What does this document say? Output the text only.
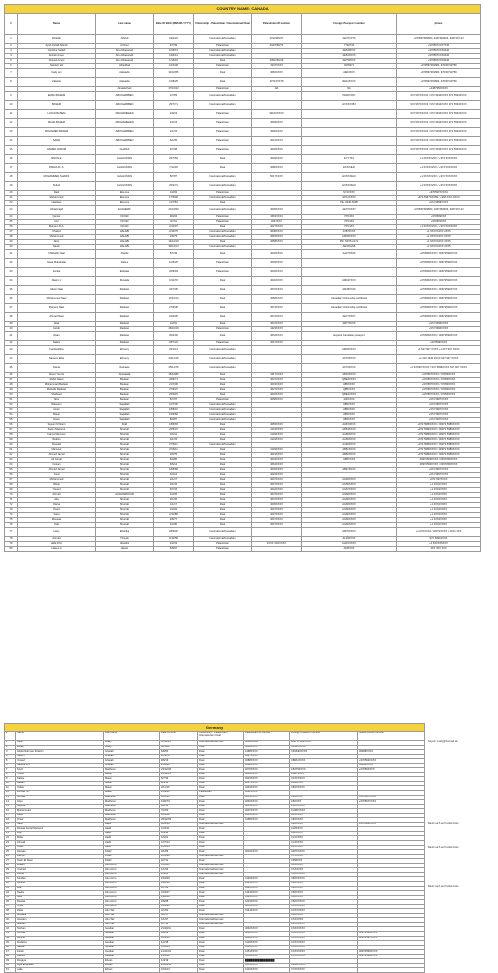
COUNTRY NAME: CANADA							
#	Name	Last name	Date Of Birth (MM-DD-YYYY)	Citizenship - Palestinian / International/ Dual	Palestinian ID number	Foreign Passport number	phone
1	Weefah	Alhindi	19/4/22	International/Canadian	4012345/27	AE7XXX76	+970597483684, 4367484463, 4367470-43
2	Ayah Kufaili Alhindi	Al Nour	4/7/99	Palestinian	4047083/74	Y762740	+970597XXX7745
3	Caroline Sallah	Abu Alhasanah	10/5/13	International/Canadian		AE530XXX	+970597XXX0446
4	Zeineb Amen	Abu Alhasanah	19/6/14	International/Canadian		AE53XXXX	+970597XXX0446
5	Ahmed Amen	Abu Alhasanah	1/10/16	Dual	4094746/16	AE750XXX	+970597XXX0446
6	Nasrieh aili	Alhaddad	10/1/48	Palestinian	4047XXX4	4978471	+970597463684, 97036743759
7	Fady am	Alawadis	31/10/55	Dual	4066XXXX	AE03XXX	+970597463684, 97036743759
8	Zakaria	Alawadis	10/8/25	Dual	4071XXX78	RE11XXXX	+970597463684, 97036743759
		Abualazhari	27/10/22	Palestinian	NA	NA	+4487350XXXX
9	EMAN BASEM	ABUSHABBEN	1/7/83	International/Canadian		PE0XXX07	972 597XXXX4 / 972 5944XXXX 972 5594XXXX
10	BASEM	ABUSHABBEN	25/7/71	International/Canadian		HXXXXX83	972 597XXXX4 / 972 5944XXXX 972 5594XXXX
11	LAYAN BASEM	ABUHAMEEEN	2/9/13	Palestinian	4016XXXXX		972 597XXXX4 / 972 5944XXXX 972 5594XXXX
12	MAHA BASEM	ABUHAMEEEN	1/3/13	Palestinian	4099XXXX		972 597XXXX4 / 972 5944XXXX 972 5594XXXX
13	MOHAMED BASEM	ABUSHABBEN	2/1/15	Palestinian	4090XXXX		972 597XXXX4 / 972 5944XXXX 972 5594XXXX
14	SAMA	ABUSHABBEN	6/1/55	Palestinian	4041XXXX		972 597XXXX4 / 972 5944XXXX 972 5594XXXX
15	HAMED AKRAM	GHAIAS	3/7/98	Palestinian	4046XXXX		972 597XXXX4 / 972 5944XXXX 972 5594XXXX
16	SINAN E.	ALGHUSSIN	26/7/84	Dual	4049XXXX	EYYT24	+1 6XXXX2XX / +972 5XXX0XX
17	RISHIA M. S.	ALGHUSSIN	7/11/18	Dual	4086XXXX	EXXX4H0	+1 6XXXX2XX / +972 5XXX0XX
18	MOHAMMED SHARIF	ALGHUSSIN	8/7/87	International/Canadian	5017XXXX	EXXXX4H0	+1 6XXXX2XX / +972 5XXX0XX
19	SUHA	ALGHUSSIN	26/2/74	International/Canadian		EXXXX4H0	+1 6XXXX2XX / +972 5XXX0XX
20	Radi	Elsunne	1/2/62	Palestinian		SY4XXXX	+970597XXXX4
21	Mohammed	Elsunne	17/5/90	International/Canadian		GP12XXXX	+972-5967XXX89 / +968-XXX-XXXX
22	Haeiban	Elsunne	11/7/54	Dual		PE- 0030-5298	+972 5956XXXX
23	Abdelmajid	ELSHERIF	21/10/50	International/Canadian	4035XXXX	AE7XXXX7	+970597483684, 4367484463, 4367470-43
24	Qamar	FAYAD	9/4/04	Palestinian	4063XXX4	YPX4XX	+970599XXX
25	Amr	FAYAD	4/7/11	Palestinian	4047XXX	YPX4XX	+970591XXX
26	Maryam R.A.	FAYAD	2/12/97	Dual	4027XXXX	YPX4XX	+1 6XXXX2XX / +972 5XXX0XX
27	Khaled	HALABI	2/10/75	International/Canadian	4038XXXX	AT876XXX	+1 6XXXX2XX 2XX5
28	Mohammed	HALABI	1/8/73	International/Canadian	4063XXXX	AM05XXXX	+1 6XXXX2XX 2XX5
29	Noor	HALABI	14/12/10	Dual	4058XXXX	PR- 5XX5-2171	+1 6XXXX2XX 2XX5
30	Nawin	HALABI	30/12/14	International/Canadian		AE4XX206	+1 6XXXX2XX 2XX5
31	Childudio Nael	Alaslai	5/7/49	Dual	4032XXXX	AA27XXX5	+970599XXXX / 00972599XXXX
32	Nasa Mubahalai	Dabus	10/6/25	Palestinian	4045XXXX		+970599XXXX / 00972599XXXX
33	Ismika	Eltellawi	26/6/93	Palestinian	4045XXXX		+970599XXXX / 00972599XXXX
34	Neeim J	Mustafa	6/11/79	Dual	4040XXXX	AM047XXX	+970599XXXX / 00972599XXXX
35	Adam Nael	Radwan	26/7/05	Dual	4070XXXX	AM45XX16	+970599XXXX / 00972599XXXX
36	Mohammed Nael	Radwan	17/10/13	Dual	4068XXXX	Canadian Citizenship certificate	+970599XXXX / 00972599XXXX
37	Maryam Nael	Radwan	27/9/08	Dual	4074XXXX	Canadian Citizenship certificate	+970599XXXX / 00972599XXXX
38	Ahmed Nael	Radwan	22/4/05	Dual	4072XXXX	AE77XXX7	+970599XXXX / 00972599XXXX
39	Alaa	Radwan	1/2/91	Dual	4047XXXX	AB773XXX	+972 5994XXXX
40	Jacob	Radwan	26/10/19	Palestinian	4423XXXX		+972 5994XXXX
41	Naan	Radwan	30/4/06	Dual	4054XXXX	Expired Canadian passport	+970599XXXX / 00972599XXXX
42	Salam	Radwan	28/7/22	Palestinian	4047XXXX		+970599XXXX
43	Farida Ebba	Ettroury	25/1/14	International/Canadian		AM46XXXX	+1 647 907 XXXX +1 647 907 XXXX
44	Nareem Elba	Ettroury	20/11/15	International/Canadian		AK76XXXX	+1 416 1640 2XXX 647 907 XXXX
45	Rania	Nasrawe	25/11/79	International/Canadian		AK76XXXX	+1 647907XXXX / 972 5998XXXX 647 907 XXXX
46	Abeer Younis	Abusaada	15/10/80	Dual	4017XXX4	AB34XXXX	+970597XXXX / 97059XXXX
47	Abdel Naser	Bedean	26/6/71	Dual	4027XXXX	QBE4XXXX	+970597XXXX / 97059XXXX
48	Mohammad Bedean	Bedean	21/7/06	Dual	4019XXXX	AB5XXXX	+970597XXXX / 97059XXXX
49	Mustafa Radwan	Bedean	27/6/07	Dual	4027XXXX	QB5XXXX	+970597XXXX / 97059XXXX
50	Shaheed	Bedean	26/2/15	Dual	4032XXXX	QBE4XXXX	+970597XXXX / 97059XXXX
51	Noor	Bedean	6/7/07	Palestinian	4068XXXX	400XXX4	+972 5967XXXX
52	Waseem	Saqallah	10/7/06	International/Canadian		AB5XXXX	+972 5967XXXX
53	Amen	Saqallah	18/8/10	International/Canadian		AB5XXXX	+972 5967XXXX
54	Basel	Saqallah	16/6/82	International/Canadian		AB5XXXX	+972 5967XXXX
55	Dana	Saqallah	8/3/87	International/Canadian		AB5XXXX	+972 5967XXXX
56	Sujeen M Naim	Kidd	18/5/65	Dual	4065XXXX	ALBX0XXX	+972 5986XXXX / 00972 5986XXXX
57	Karim Mansour	Shurrab	26/5/07	Dual	4143XXXX	AR53XXXX	+972 5986XXXX / 00972 5986XXXX
58	Fatma Mansour	Shurrab	2/4/12	Dual	4149XXXX	AA96XXXX	+972 5986XXXX / 00972 5986XXXX
59	Ibrahim	Shurrab	4/1/15	Dual	4134XXXX	AA59XXXX	+972 5986XXXX / 00972 5986XXXX
60	Rowaid	Shurrab	27/6/11	International/Canadian		AA96XXXX	+972 5986XXXX / 00972 5986XXXX
61	Mansour	Shurrab	27/6/11	Dual	4149XXXX	AB51XXXX	+972 5986XXXX / 00972 5986XXXX
62	Ahmed Jamal	Shurrab	2/9/75	Dual	4019XXXX	AB52XXXX	+972 5986XXXX / 00972 5986XXXX
63	Ali Jamal	Shurrab	6/4/86	Dual	4043XXXX	GB5XXXX	00972569XXXX / 0097059XXXX
64	Celeen	Shurrab	6/6/14	Dual	4064XXXX		00972569XXXX / 0097059XXXX
65	Ahmad Jamal	Shurrab	18/5/80	Dual	4045XXXX	AB47XXXX	+972 5967XXXX
66	Jood	Shurrab	4/3/14	Dual	4022XXXX		+972 5967XXXX
67	Mohammed	Shurrab	2/1/17	Dual	4047XXXX	AG65XXXX	+972 597XXXX
68	Warjo	Shurrab	2/1/15	Dual	4047XXXX	AG56XXXX	+1 4XX2XXXX
69	Yousef	Shurrab	6/7/15	Dual	4042XXXX	AG67XXXX	+1 4XX2XXXX
70	Ahmed	ALSHAWDOUR	1/4/06	Dual	4047XXXX	AG66XXXX	+1 4XX2XXXX
71	Aila	Shurrab	2/1/06	Dual	4047XXXX	AG66XXXX	+1 4XX2XXXX
72	Diana	Shurrab	1/1/17	Dual	4045XXXX	AG66XXXX	+1 4XX2XXXX
73	Peed	Shurrab	1/2/02	Dual	4047XXXX	AG66XXXX	+1 4XX2XXXX
74	Sana	Shurrab	2/11/88	Dual	4047XXXX	AG66XXXX	+1 4XX2XXXX
75	Mousaa	Shurrab	4/8/77	Dual	4047XXXX	AG66XXXX	+1 4XX2XXXX
76	Tala	Shurrab	2/2/90	Dual	4047XXXX	AG66XXXX	+1 4XX2XXXX
77	Hany	Elhadiqi	28/9/92	International/Canadian		GB76XXXX	+1 6XXXXX2 / 00972XXXX / 4XX1 4XX
78	Ahmad	Thayeb	3/12/58	International/Canadian		AL49XXXX	972 5994XXXX
79	Hala R.M.	Alsadini	1/2/19	Palestinian	4XXX 4XXXXXX	AHXXXXXX	+1 6XXXX5XXX
80	Hala A.A	Hasan	4/8/97	Palestinian		AMXXXX	4XX 4XX 4XX
Germany							
#	Name	Last name	Date Of Birth	Citizenship - Palestinian / International / Dual	Palestinian ID number	Foreign Passport number	mobile phone number
1	Sara	Wady	16/11/21	International/German	800053161	G08 170A9XXXX	
2	Eman	Wady	6/11/83	Dual	4048XXXX	C010XXXXL	
3	Abdel Rahman Ibrahim	Gharab	6/8/00	Dual	4188XXXX	CFMHDXXXX	00968XXXX
4	Nesrin	Gharab	26/9/78	Dual	4427XXXX		
5	Yousef	Gharab	9/8/13	Dual	4088XXXX	CBRUXXXX	+970592XXXX
6	Sandra B.J.	Gharab	25/2/08	Dual	4098XXXX		00968XXXX
7	Soyif	Madhoun	23/12/94	Dual	4070XXXX	C8479XXXX	+97059XXXX
8	Yoma	Matar	10/11/15	Dual	4014XXXX	C8N73XXX	
9	Kaline	Matar	6/7/19	Dual	4019XXXX	C1XXXXCX	
10	Hasan	Matar	6/4/16	Dual	4017XXXX	C8GXXXX	
11	Odam	Matar	2/11/10	Dual	4049XXXX	C8XXXXXX	
12	Ahmad S.I.	Matar	23/9/80	Palestinian	4011XXXX		
13	Ahmad	Madhoun	18/6/10	Dual	4013XXXX	C8JXXXX	+970597XXXX
14	Aliya	Madhoun	16/6/79	Dual	4046XXXX	C8XXXX	+970597XXXX
15	Sophia	Madhoun	6/2/18	Dual	4013XXXX	C8XXXXXX	
16	Mohammad	Madhoun	7/2/20	Dual	4007XXXX	CHRFXXXX	
17	Hadil	Madhoun	10/2/02	Dual	4105XXXX	C8XXXXX	
18	Omar	Madhoun	26/12/09	Dual	4158XXXX	C8XXXXX	
19	Sara	Hadil	30/6/18	International/German		C8XXXXX	+970596XXXX
20	Rowaa Ismail Mansour	Hadil	12/2/11	Dual		CL8XXXX	
21	Aya	Hadil	1/4/98	Dual		CL8XXXX	
22	Milan	Hadil	1/6/21	Dual		CLXXXXX	
23	Ahmad	Hadil	12/7/14	Dual		CLXXXXX	
24	Khalil	Hadil	15/3/20	Dual		CLXXXXX	
25	Hassan	Khalil	2/1/86	Dual	4010XXXX	C4PXXXXX	
26	Ranya	Khalil	26/1/90	International/German		C7XXXXX	
27	Tasin El Deen	Khalil	4/7/11	Dual		CRWXXX	
28	Wasim	Abu Amro	15/5/05	International/German		C6XXXXX	
29	Youhad	Abu Amro	1/1/03	International/German		CXXXXXX	
30	Ronia	Abu Amro	2/4/04	International/German		CXXXXXXX	
31	Soufian	Abu Amro	15/2/09	Dual	4145XXXX	C8XXXXXX	
32	Amirah	Abu Amro	14/8/10	Dual	4145XXXX	C8XXXXX	
33	Alia	Abu Amro	1/7/09	Dual	4422XXXX	C8XXXXX	
34	Nadia	Abu Amro	24/4/07	Dual	4144XXXX	C8XXXXX	
35	Issa	Abu Amro	19/8/08	Dual	4125XXXX	C8XXXXX	
36	Rowaa	Abu Amro	2/8/08	Dual	4224XXXX	C8XXXXXX	
37	Omar	Abu Amro	12/2/93	Dual	4055XXXX	CXXXXXXX	
38	Dalia	Abu Tair	4/7/02	Dual	4144XXXX	CXXXXXXX	
39	Mustafa	Abu Tair	6/1/97	International/German		C9XXXXX	
40	Hossam	Abu Tair	1/1/07	International/German		CXXXXXX	
41	Mariam	Abu Tair	1/7/11	International/German		C1XXXXXX	
42	Norhan	Gesdan	21/10/11	Dual	4040XXXX	CXXXXXXX	
43	Ahmad	Gesdan	4/9/09	Dual	4040XXXX	CXXXXXXX	00972593XXXX
44	Amirah	Gesdan	10/2/10	Dual	4040XXXX	CXXXXXXX	00972597XXXX
45	Rudaina	Gesdan	1/2/18	Dual	4125XXXX	CXXXXXXX	
46	Nadila	Gesdan	16/6/04	Dual	4125XXXX	CXXXXXXX	
47	Farah	Gesdan	14/11/04	Dual	4151XXXX	CXXXXXXX	00972595XXXX
48	Randa	Gesdan	24/1/02	Dual	4153XXXX	CXXXXXXX	00972599XXXX
49	Roqaya	Ehsan	1/3/19	Dual	████████████████		
50	Aiya Elhanaan	Ehsan	26/10/12	Dual	4051XXXX	C1B1LXXXX	
51	Laila	Ehsan	16/4/13	Dual	4101XXXX	C7XXXXXX	
Sayed: mady@hotmail.de
Bank nach auf CaSal Liste
Bank nach auf CaSal Liste
Bank nach auf CaSal Liste
